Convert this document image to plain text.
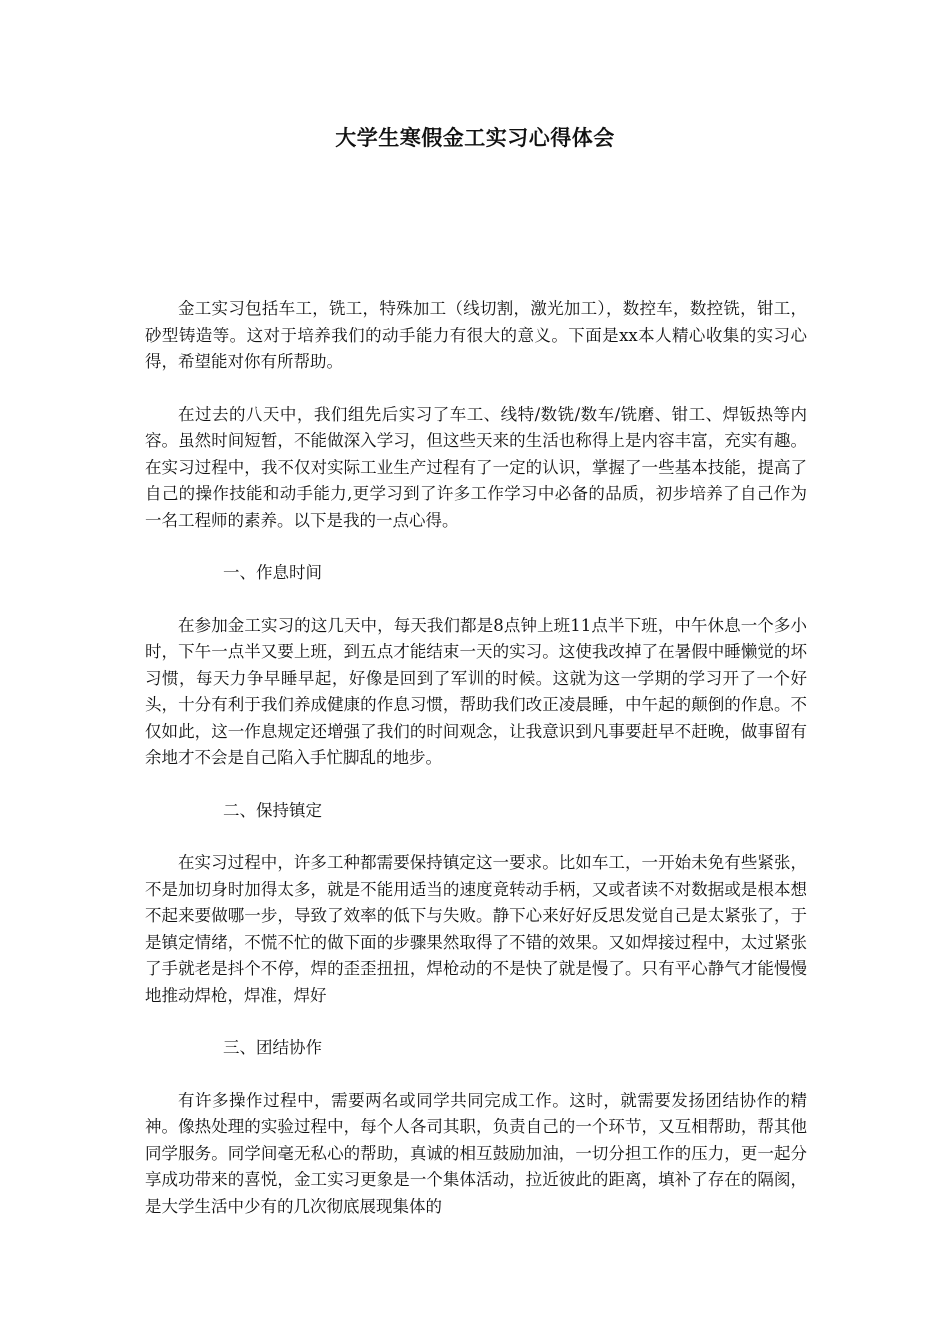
大学生寒假金工实习心得体会

金工实习包括车工，铣工，特殊加工（线切割，激光加工），数控车，数控铣，钳工，砂型铸造等。这对于培养我们的动手能力有很大的意义。下面是xx本人精心收集的实习心得，希望能对你有所帮助。

在过去的八天中，我们组先后实习了车工、线特/数铣/数车/铣磨、钳工、焊钣热等内容。虽然时间短暂，不能做深入学习，但这些天来的生活也称得上是内容丰富，充实有趣。在实习过程中，我不仅对实际工业生产过程有了一定的认识，掌握了一些基本技能，提高了自己的操作技能和动手能力,更学习到了许多工作学习中必备的品质，初步培养了自己作为一名工程师的素养。以下是我的一点心得。

一、作息时间

在参加金工实习的这几天中，每天我们都是8点钟上班11点半下班，中午休息一个多小时，下午一点半又要上班，到五点才能结束一天的实习。这使我改掉了在暑假中睡懒觉的坏习惯，每天力争早睡早起，好像是回到了军训的时候。这就为这一学期的学习开了一个好头，十分有利于我们养成健康的作息习惯，帮助我们改正凌晨睡，中午起的颠倒的作息。不仅如此，这一作息规定还增强了我们的时间观念，让我意识到凡事要赶早不赶晚，做事留有余地才不会是自己陷入手忙脚乱的地步。

二、保持镇定

在实习过程中，许多工种都需要保持镇定这一要求。比如车工，一开始未免有些紧张，不是加切身时加得太多，就是不能用适当的速度竟转动手柄，又或者读不对数据或是根本想不起来要做哪一步，导致了效率的低下与失败。静下心来好好反思发觉自己是太紧张了，于是镇定情绪，不慌不忙的做下面的步骤果然取得了不错的效果。又如焊接过程中，太过紧张了手就老是抖个不停，焊的歪歪扭扭，焊枪动的不是快了就是慢了。只有平心静气才能慢慢地推动焊枪，焊准，焊好

三、团结协作

有许多操作过程中，需要两名或同学共同完成工作。这时，就需要发扬团结协作的精神。像热处理的实验过程中，每个人各司其职，负责自己的一个环节，又互相帮助，帮其他同学服务。同学间毫无私心的帮助，真诚的相互鼓励加油，一切分担工作的压力，更一起分享成功带来的喜悦，金工实习更象是一个集体活动，拉近彼此的距离，填补了存在的隔阂，是大学生活中少有的几次彻底展现集体的
